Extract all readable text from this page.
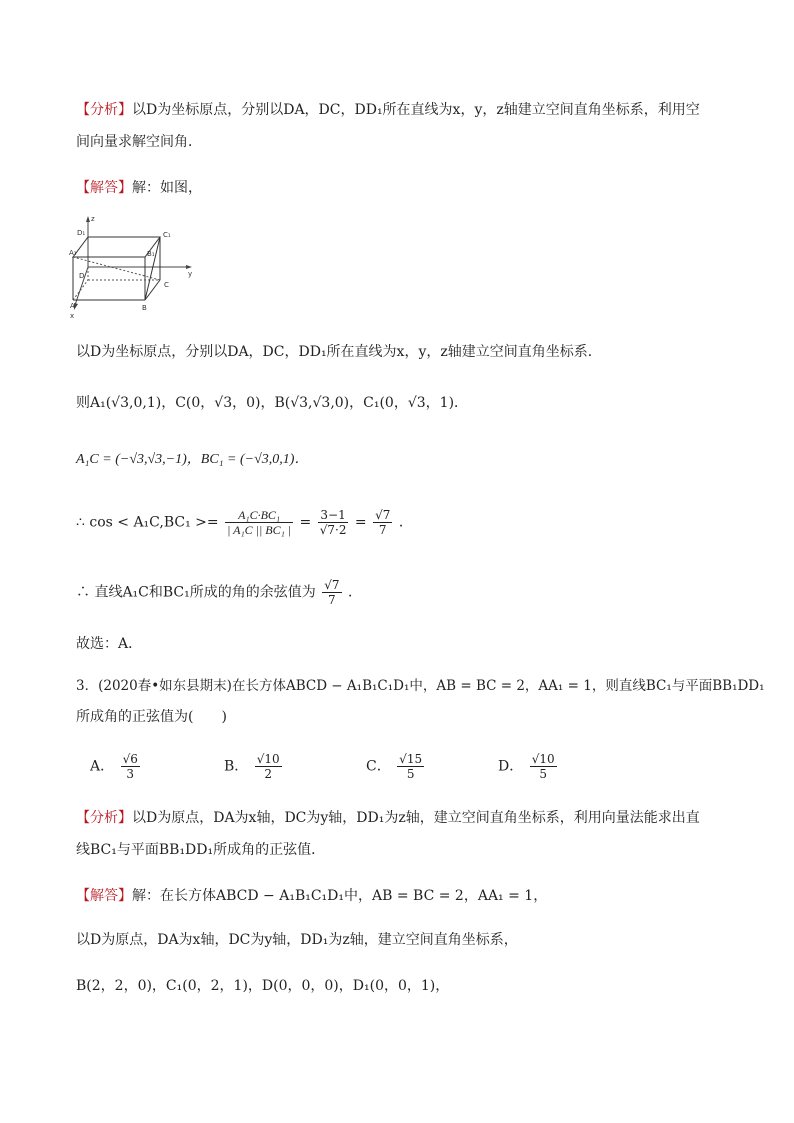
【分析】以D为坐标原点，分别以DA，DC，DD₁所在直线为x，y，z轴建立空间直角坐标系，利用空
间向量求解空间角．
【解答】解：如图，
z
y
x
D₁	C₁
A₁	B₁
D
A	B
C
以D为坐标原点，分别以DA，DC，DD₁所在直线为x，y，z轴建立空间直角坐标系．
则A₁(√3,0,1)，C(0，√3，0)，B(√3,√3,0)，C₁(0，√3，1)．
A₁C = (−√3,√3,−1)，BC₁ = (−√3,0,1)．
∴ $\cos < A_1C,BC_1 >= \frac{\text{A₁C·BC₁}}{\text{| A₁C || BC₁ |}} = \frac{3-1}{√7\cdot 2} = \frac{√7}{7}$ ．
∴ 直线A₁C和BC₁所成的角的余弦值为 $\frac{√7}{7}$ ．
故选：A．
3．(2020春•如东县期末)在长方体ABCD − A₁B₁C₁D₁中，AB = BC = 2，AA₁ = 1，则直线BC₁与平面BB₁DD₁
所成角的正弦值为(　　)
A． $\frac{√6}{3}$	B． $\frac{√10}{2}$	C． $\frac{√15}{5}$	D． $\frac{√10}{5}$
【分析】以D为原点，DA为x轴，DC为y轴，DD₁为z轴，建立空间直角坐标系，利用向量法能求出直
线BC₁与平面BB₁DD₁所成角的正弦值．
【解答】解：在长方体ABCD − A₁B₁C₁D₁中，AB = BC = 2，AA₁ = 1，
以D为原点，DA为x轴，DC为y轴，DD₁为z轴，建立空间直角坐标系，
B(2，2，0)，C₁(0，2，1)，D(0，0，0)，D₁(0，0，1)，
